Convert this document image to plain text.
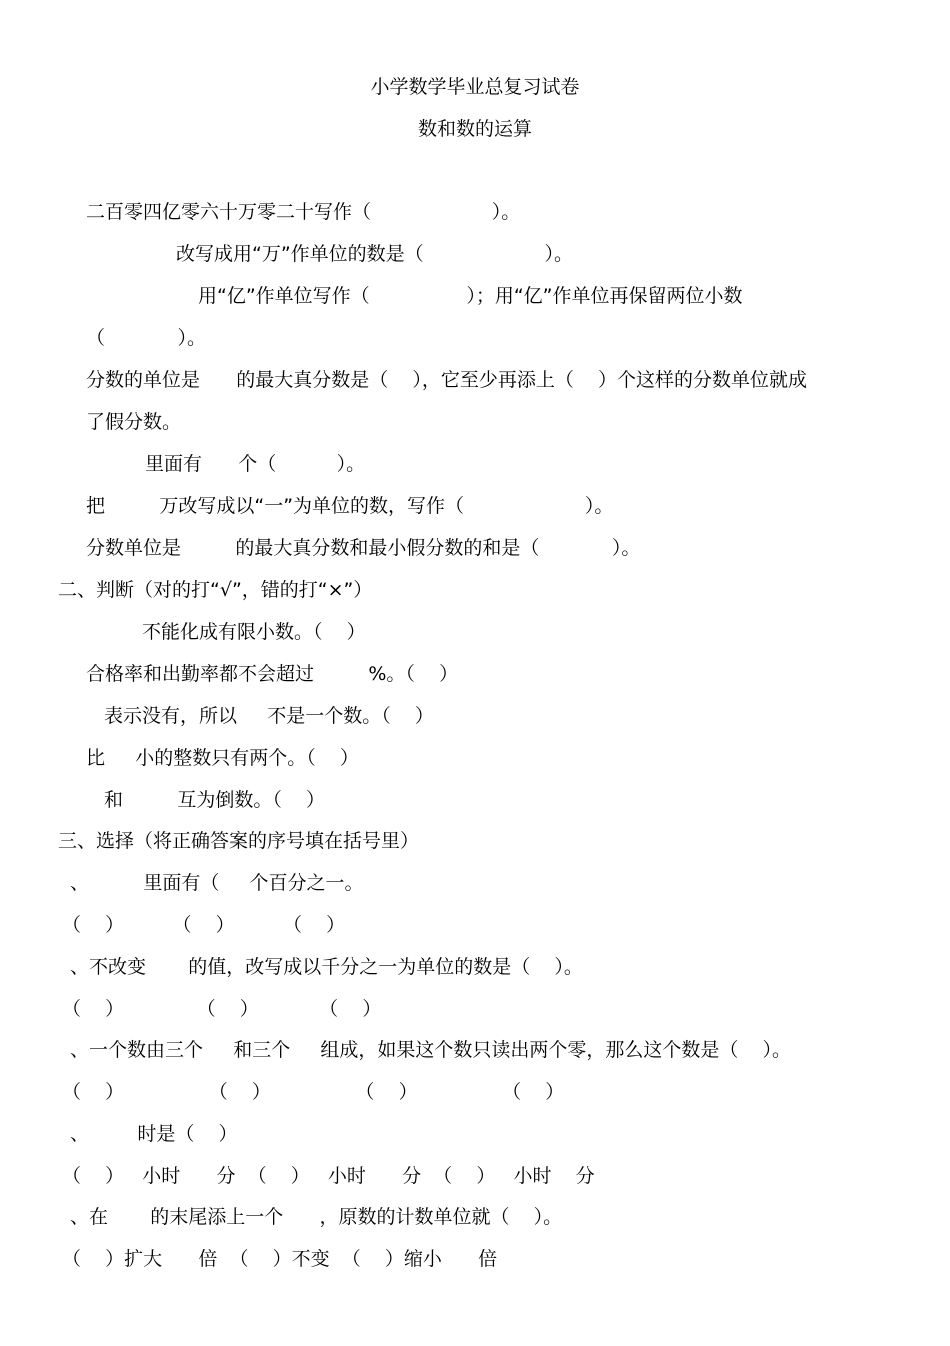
小学数学毕业总复习试卷
数和数的运算
二百零四亿零六十万零二十写作（                    ）。
改写成用“万”作单位的数是（                    ）。
用“亿”作单位写作（                ）；用“亿”作单位再保留两位小数
（            ）。
分数的单位是      的最大真分数是（    ），它至少再添上（    ）个这样的分数单位就成
了假分数。
里面有      个（          ）。
把         万改写成以“一”为单位的数，写作（                    ）。
分数单位是         的最大真分数和最小假分数的和是（            ）。
二、判断（对的打“√”，错的打“×”）
不能化成有限小数。（    ）
合格率和出勤率都不会超过         %。（    ）
表示没有，所以     不是一个数。（    ）
比     小的整数只有两个。（    ）
和         互为倒数。（    ）
三、选择（将正确答案的序号填在括号里）
、         里面有（     个百分之一。
（    ）        （    ）        （    ）
、不改变       的值，改写成以千分之一为单位的数是（    ）。
（    ）            （    ）          （    ）
、一个数由三个     和三个     组成，如果这个数只读出两个零，那么这个数是（    ）。
（    ）              （    ）              （    ）              （    ）
、        时是（    ）
（    ）   小时      分  （    ）   小时      分  （    ）   小时    分
、在       的末尾添上一个      ，原数的计数单位就（    ）。
（    ）扩大      倍  （    ）不变  （    ）缩小      倍
